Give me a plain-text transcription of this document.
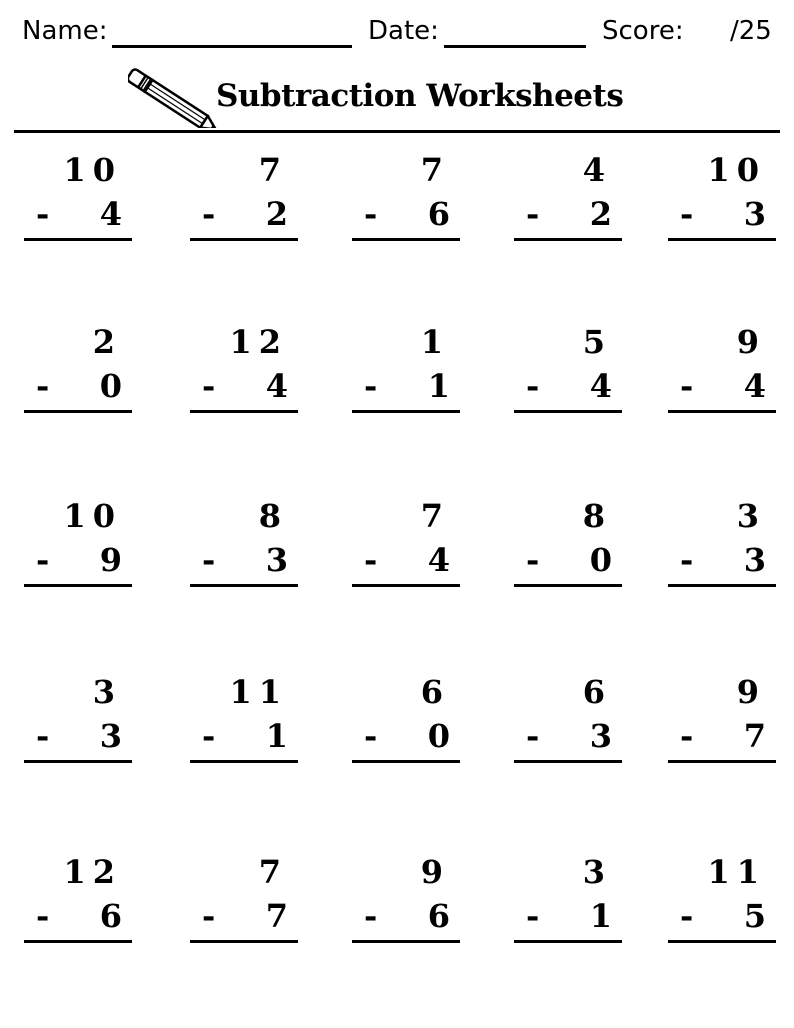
Name:	Date:	Score: /25
Subtraction Worksheets
10
- 4
7
- 2
7
- 6
4
- 2
10
- 3
2
- 0
12
- 4
1
- 1
5
- 4
9
- 4
10
- 9
8
- 3
7
- 4
8
- 0
3
- 3
3
- 3
11
- 1
6
- 0
6
- 3
9
- 7
12
- 6
7
- 7
9
- 6
3
- 1
11
- 5
